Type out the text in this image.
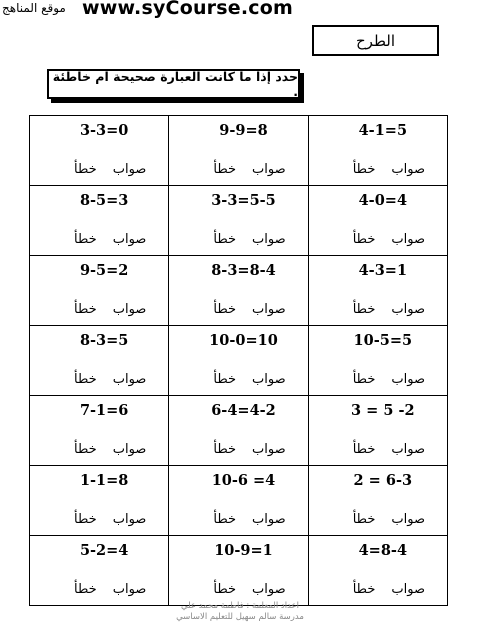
موقع المناهج www.syCourse.com
الطرح
حدد إذا ما كانت العبارة صحيحة ام خاطئة .
3-3=0
صواب
خطأ
9-9=8
صواب
خطأ
4-1=5
صواب
خطأ
8-5=3
صواب
خطأ
3-3=5-5
صواب
خطأ
4-0=4
صواب
خطأ
9-5=2
صواب
خطأ
8-3=8-4
صواب
خطأ
4-3=1
صواب
خطأ
8-3=5
صواب
خطأ
10-0=10
صواب
خطأ
10-5=5
صواب
خطأ
7-1=6
صواب
خطأ
6-4=4-2
صواب
خطأ
3 = 5 -2
صواب
خطأ
1-1=8
صواب
خطأ
10-6 =4
صواب
خطأ
2 = 6-3
صواب
خطأ
5-2=4
صواب
خطأ
10-9=1
صواب
خطأ
4=8-4
صواب
خطأ
اعداد المعلمة : فاطمة محمد علي
مدرسة سالم سهيل للتعليم الاساسي
